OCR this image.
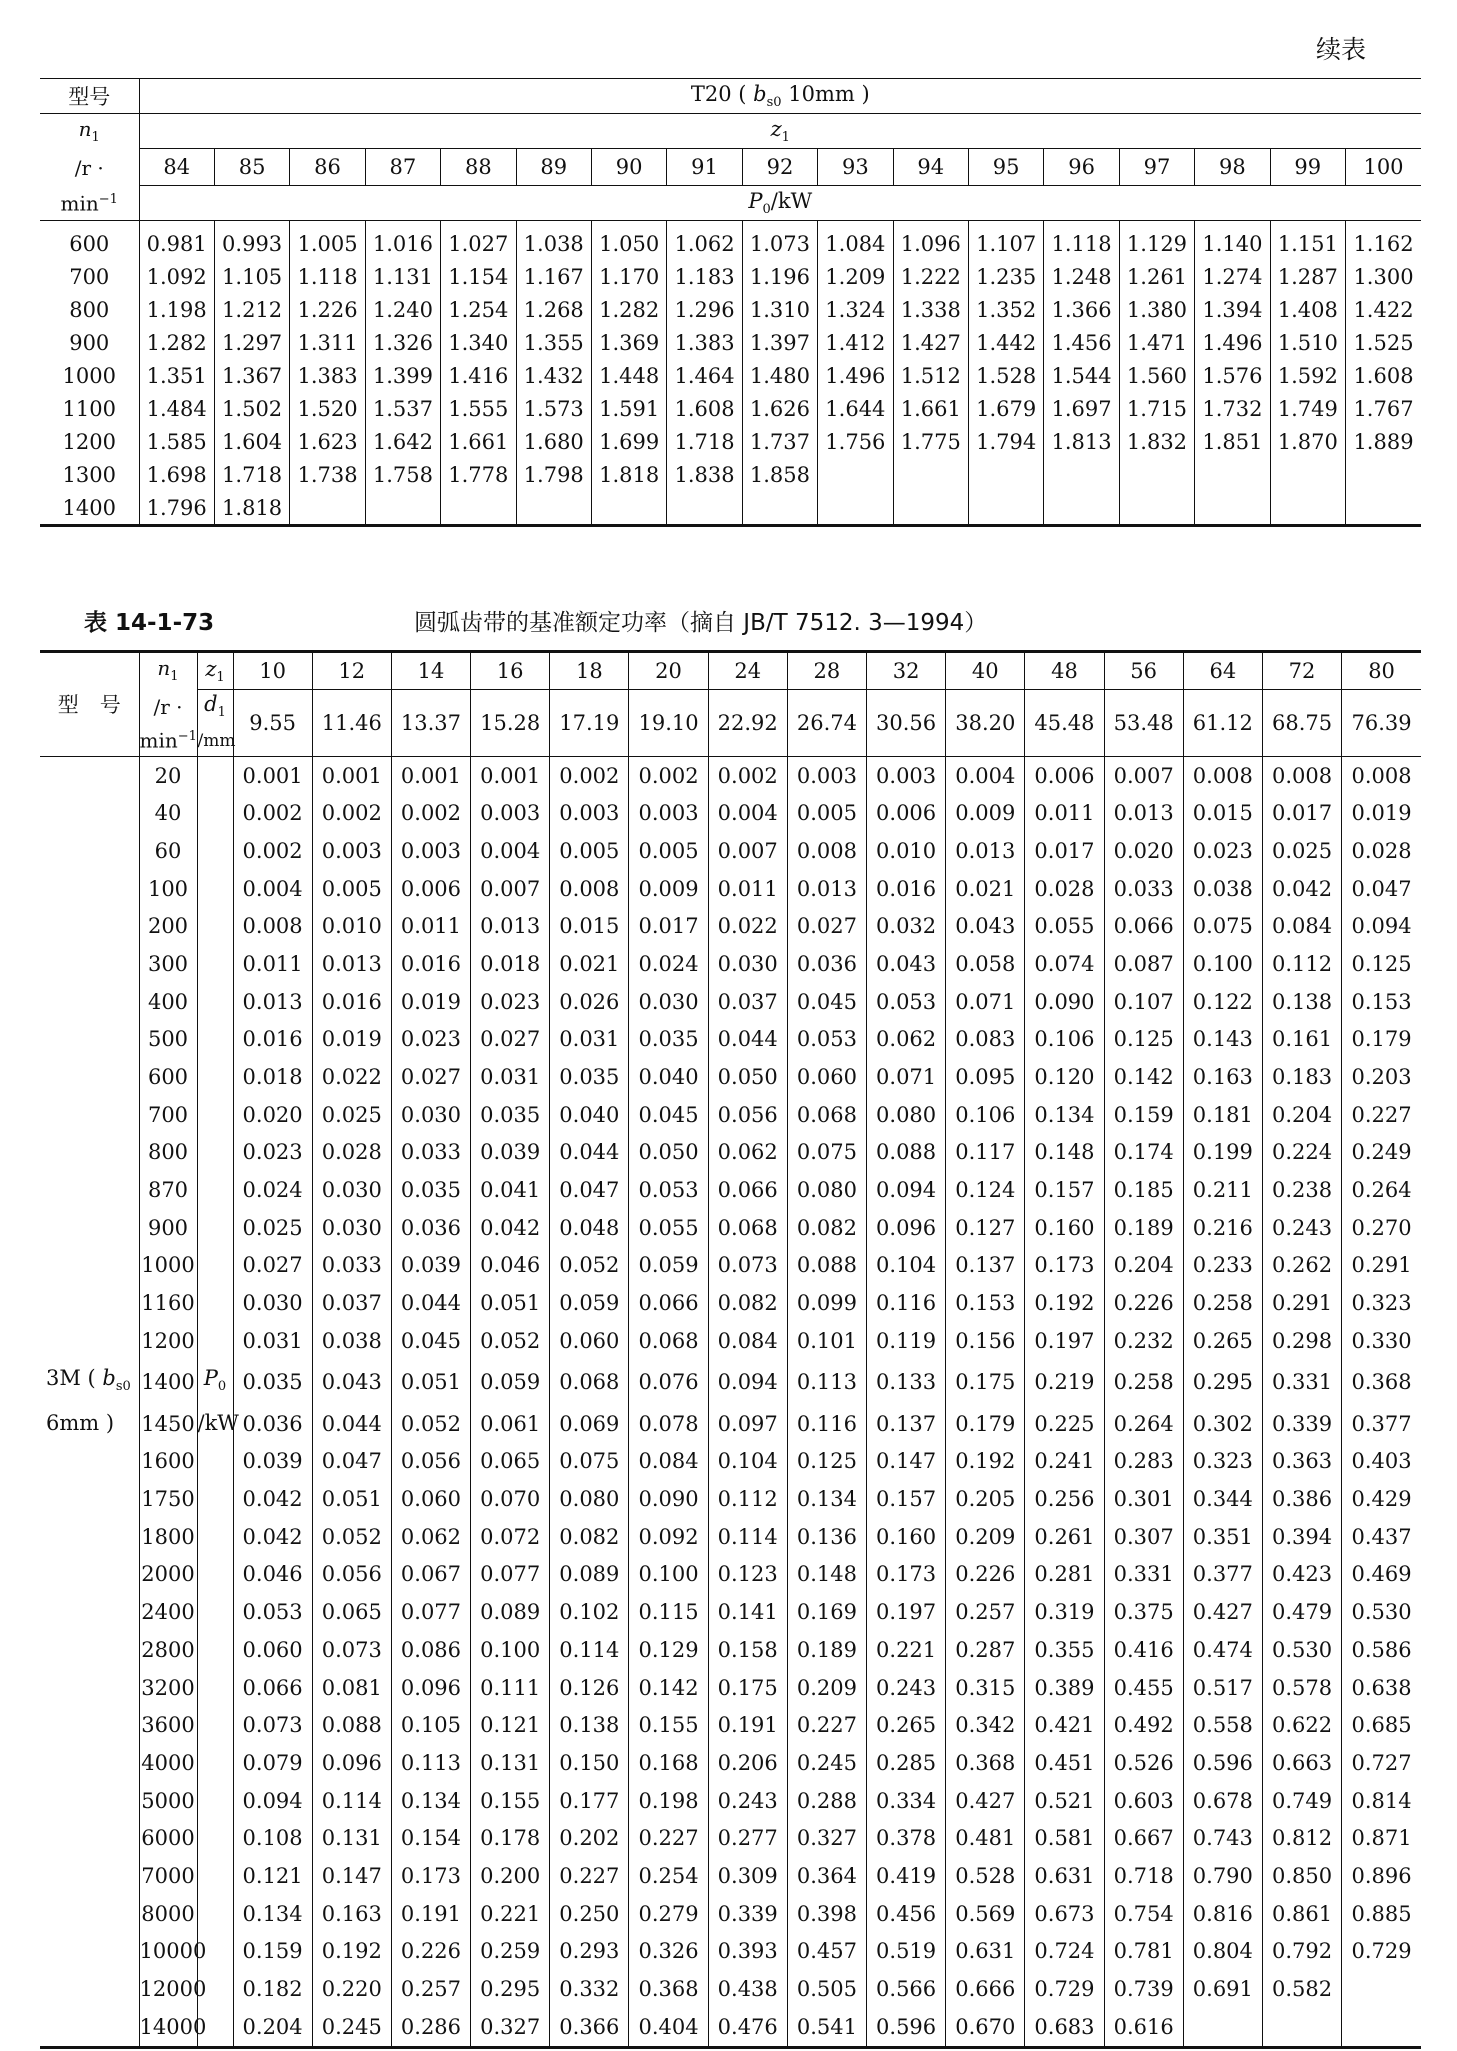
续表
型号	T20 ( $b_{s0}$ 10mm )																
$n_1$
/r ·
$\min^{-1}$	$z_1$
	84	85	86	87	88	89	90	91	92	93	94	95	96	97	98	99	100
	$P_0/kW$																
600	0.981	0.993	1.005	1.016	1.027	1.038	1.050	1.062	1.073	1.084	1.096	1.107	1.118	1.129	1.140	1.151	1.162
700	1.092	1.105	1.118	1.131	1.154	1.167	1.170	1.183	1.196	1.209	1.222	1.235	1.248	1.261	1.274	1.287	1.300
800	1.198	1.212	1.226	1.240	1.254	1.268	1.282	1.296	1.310	1.324	1.338	1.352	1.366	1.380	1.394	1.408	1.422
900	1.282	1.297	1.311	1.326	1.340	1.355	1.369	1.383	1.397	1.412	1.427	1.442	1.456	1.471	1.496	1.510	1.525
1000	1.351	1.367	1.383	1.399	1.416	1.432	1.448	1.464	1.480	1.496	1.512	1.528	1.544	1.560	1.576	1.592	1.608
1100	1.484	1.502	1.520	1.537	1.555	1.573	1.591	1.608	1.626	1.644	1.661	1.679	1.697	1.715	1.732	1.749	1.767
1200	1.585	1.604	1.623	1.642	1.661	1.680	1.699	1.718	1.737	1.756	1.775	1.794	1.813	1.832	1.851	1.870	1.889
1300	1.698	1.718	1.738	1.758	1.778	1.798	1.818	1.838	1.858								
1400	1.796	1.818															
表 14-1-73	圆弧齿带的基准额定功率（摘自 JB/T 7512. 3—1994）
型　号	$n_1$
/r ·
$\min^{-1}$	$z_1$	10	12	14	16	18	20	24	28	32	40	48	56	64	72	80
		$d_1$
/mm	9.55	11.46	13.37	15.28	17.19	19.10	22.92	26.74	30.56	38.20	45.48	53.48	61.12	68.75	76.39
	20		0.001	0.001	0.001	0.001	0.002	0.002	0.002	0.003	0.003	0.004	0.006	0.007	0.008	0.008	0.008
	40		0.002	0.002	0.002	0.003	0.003	0.003	0.004	0.005	0.006	0.009	0.011	0.013	0.015	0.017	0.019
	60		0.002	0.003	0.003	0.004	0.005	0.005	0.007	0.008	0.010	0.013	0.017	0.020	0.023	0.025	0.028
	100		0.004	0.005	0.006	0.007	0.008	0.009	0.011	0.013	0.016	0.021	0.028	0.033	0.038	0.042	0.047
	200		0.008	0.010	0.011	0.013	0.015	0.017	0.022	0.027	0.032	0.043	0.055	0.066	0.075	0.084	0.094
	300		0.011	0.013	0.016	0.018	0.021	0.024	0.030	0.036	0.043	0.058	0.074	0.087	0.100	0.112	0.125
	400		0.013	0.016	0.019	0.023	0.026	0.030	0.037	0.045	0.053	0.071	0.090	0.107	0.122	0.138	0.153
	500		0.016	0.019	0.023	0.027	0.031	0.035	0.044	0.053	0.062	0.083	0.106	0.125	0.143	0.161	0.179
	600		0.018	0.022	0.027	0.031	0.035	0.040	0.050	0.060	0.071	0.095	0.120	0.142	0.163	0.183	0.203
	700		0.020	0.025	0.030	0.035	0.040	0.045	0.056	0.068	0.080	0.106	0.134	0.159	0.181	0.204	0.227
	800		0.023	0.028	0.033	0.039	0.044	0.050	0.062	0.075	0.088	0.117	0.148	0.174	0.199	0.224	0.249
	870		0.024	0.030	0.035	0.041	0.047	0.053	0.066	0.080	0.094	0.124	0.157	0.185	0.211	0.238	0.264
	900		0.025	0.030	0.036	0.042	0.048	0.055	0.068	0.082	0.096	0.127	0.160	0.189	0.216	0.243	0.270
	1000		0.027	0.033	0.039	0.046	0.052	0.059	0.073	0.088	0.104	0.137	0.173	0.204	0.233	0.262	0.291
	1160		0.030	0.037	0.044	0.051	0.059	0.066	0.082	0.099	0.116	0.153	0.192	0.226	0.258	0.291	0.323
	1200		0.031	0.038	0.045	0.052	0.060	0.068	0.084	0.101	0.119	0.156	0.197	0.232	0.265	0.298	0.330
3M ( $b_{s0}$	1400	$P_0$	0.035	0.043	0.051	0.059	0.068	0.076	0.094	0.113	0.133	0.175	0.219	0.258	0.295	0.331	0.368
6mm )	1450	/kW	0.036	0.044	0.052	0.061	0.069	0.078	0.097	0.116	0.137	0.179	0.225	0.264	0.302	0.339	0.377
	1600		0.039	0.047	0.056	0.065	0.075	0.084	0.104	0.125	0.147	0.192	0.241	0.283	0.323	0.363	0.403
	1750		0.042	0.051	0.060	0.070	0.080	0.090	0.112	0.134	0.157	0.205	0.256	0.301	0.344	0.386	0.429
	1800		0.042	0.052	0.062	0.072	0.082	0.092	0.114	0.136	0.160	0.209	0.261	0.307	0.351	0.394	0.437
	2000		0.046	0.056	0.067	0.077	0.089	0.100	0.123	0.148	0.173	0.226	0.281	0.331	0.377	0.423	0.469
	2400		0.053	0.065	0.077	0.089	0.102	0.115	0.141	0.169	0.197	0.257	0.319	0.375	0.427	0.479	0.530
	2800		0.060	0.073	0.086	0.100	0.114	0.129	0.158	0.189	0.221	0.287	0.355	0.416	0.474	0.530	0.586
	3200		0.066	0.081	0.096	0.111	0.126	0.142	0.175	0.209	0.243	0.315	0.389	0.455	0.517	0.578	0.638
	3600		0.073	0.088	0.105	0.121	0.138	0.155	0.191	0.227	0.265	0.342	0.421	0.492	0.558	0.622	0.685
	4000		0.079	0.096	0.113	0.131	0.150	0.168	0.206	0.245	0.285	0.368	0.451	0.526	0.596	0.663	0.727
	5000		0.094	0.114	0.134	0.155	0.177	0.198	0.243	0.288	0.334	0.427	0.521	0.603	0.678	0.749	0.814
	6000		0.108	0.131	0.154	0.178	0.202	0.227	0.277	0.327	0.378	0.481	0.581	0.667	0.743	0.812	0.871
	7000		0.121	0.147	0.173	0.200	0.227	0.254	0.309	0.364	0.419	0.528	0.631	0.718	0.790	0.850	0.896
	8000		0.134	0.163	0.191	0.221	0.250	0.279	0.339	0.398	0.456	0.569	0.673	0.754	0.816	0.861	0.885
	10000		0.159	0.192	0.226	0.259	0.293	0.326	0.393	0.457	0.519	0.631	0.724	0.781	0.804	0.792	0.729
	12000		0.182	0.220	0.257	0.295	0.332	0.368	0.438	0.505	0.566	0.666	0.729	0.739	0.691	0.582	
	14000		0.204	0.245	0.286	0.327	0.366	0.404	0.476	0.541	0.596	0.670	0.683	0.616			
